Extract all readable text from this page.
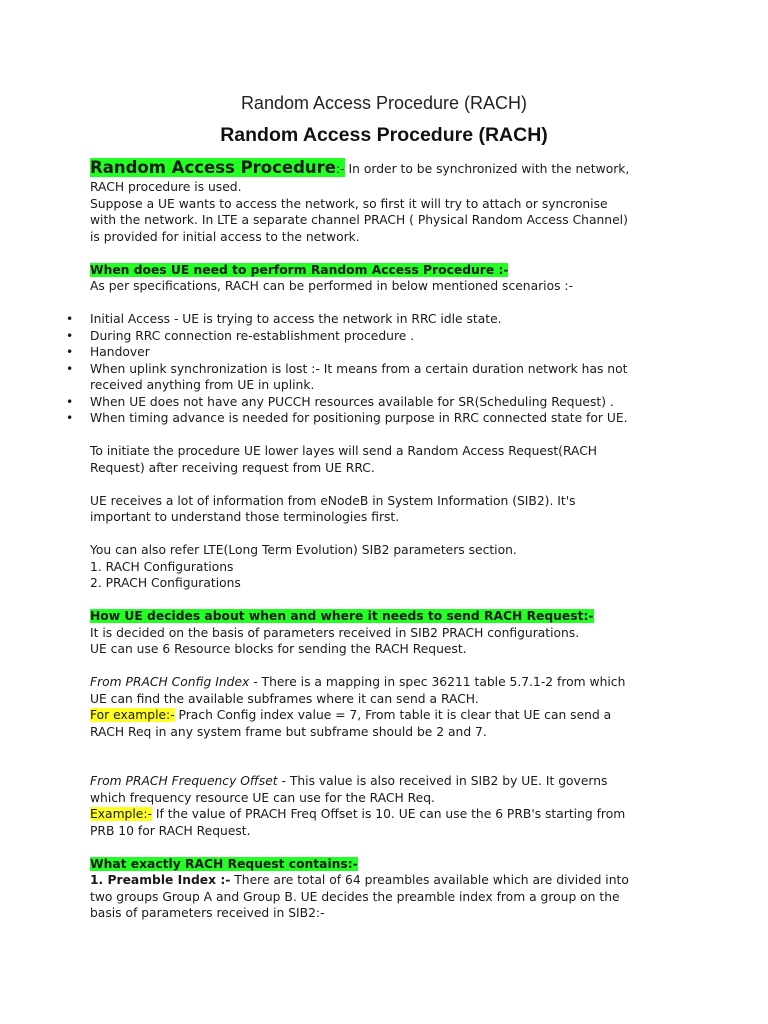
Random Access Procedure (RACH)
Random Access Procedure (RACH)
Random Access Procedure:- In order to be synchronized with the network,
RACH procedure is used.
Suppose a UE wants to access the network, so first it will try to attach or syncronise
with the network. In LTE a separate channel PRACH ( Physical Random Access Channel)
is provided for initial access to the network.
When does UE need to perform Random Access Procedure :-
As per specifications, RACH can be performed in below mentioned scenarios :-
• Initial Access - UE is trying to access the network in RRC idle state.
• During RRC connection re-establishment procedure .
• Handover
• When uplink synchronization is lost :- It means from a certain duration network has not
received anything from UE in uplink.
• When UE does not have any PUCCH resources available for SR(Scheduling Request) .
• When timing advance is needed for positioning purpose in RRC connected state for UE.
To initiate the procedure UE lower layes will send a Random Access Request(RACH
Request) after receiving request from UE RRC.
UE receives a lot of information from eNodeB in System Information (SIB2). It's
important to understand those terminologies first.
You can also refer LTE(Long Term Evolution) SIB2 parameters section.
1. RACH Configurations
2. PRACH Configurations
How UE decides about when and where it needs to send RACH Request:-
It is decided on the basis of parameters received in SIB2 PRACH configurations.
UE can use 6 Resource blocks for sending the RACH Request.
From PRACH Config Index - There is a mapping in spec 36211 table 5.7.1-2 from which
UE can find the available subframes where it can send a RACH.
For example:- Prach Config index value = 7, From table it is clear that UE can send a
RACH Req in any system frame but subframe should be 2 and 7.
From PRACH Frequency Offset - This value is also received in SIB2 by UE. It governs
which frequency resource UE can use for the RACH Req.
Example:- If the value of PRACH Freq Offset is 10. UE can use the 6 PRB's starting from
PRB 10 for RACH Request.
What exactly RACH Request contains:-
1. Preamble Index :- There are total of 64 preambles available which are divided into
two groups Group A and Group B. UE decides the preamble index from a group on the
basis of parameters received in SIB2:-
